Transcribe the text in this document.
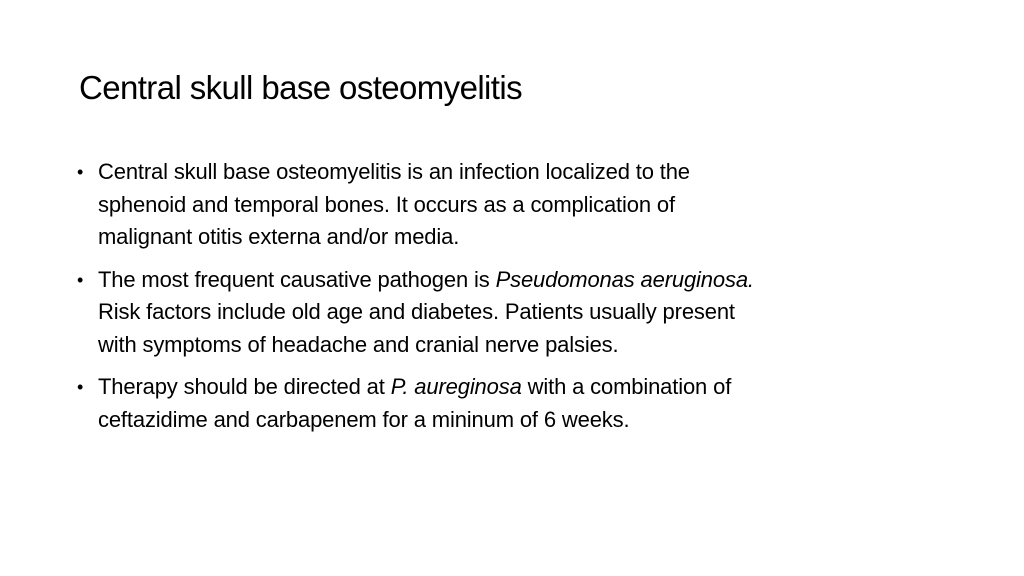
Central skull base osteomyelitis
• Central skull base osteomyelitis is an infection localized to the
sphenoid and temporal bones. It occurs as a complication of
malignant otitis externa and/or media.
• The most frequent causative pathogen is Pseudomonas aeruginosa.
Risk factors include old age and diabetes. Patients usually present
with symptoms of headache and cranial nerve palsies.
• Therapy should be directed at P. aureginosa with a combination of
ceftazidime and carbapenem for a mininum of 6 weeks.
